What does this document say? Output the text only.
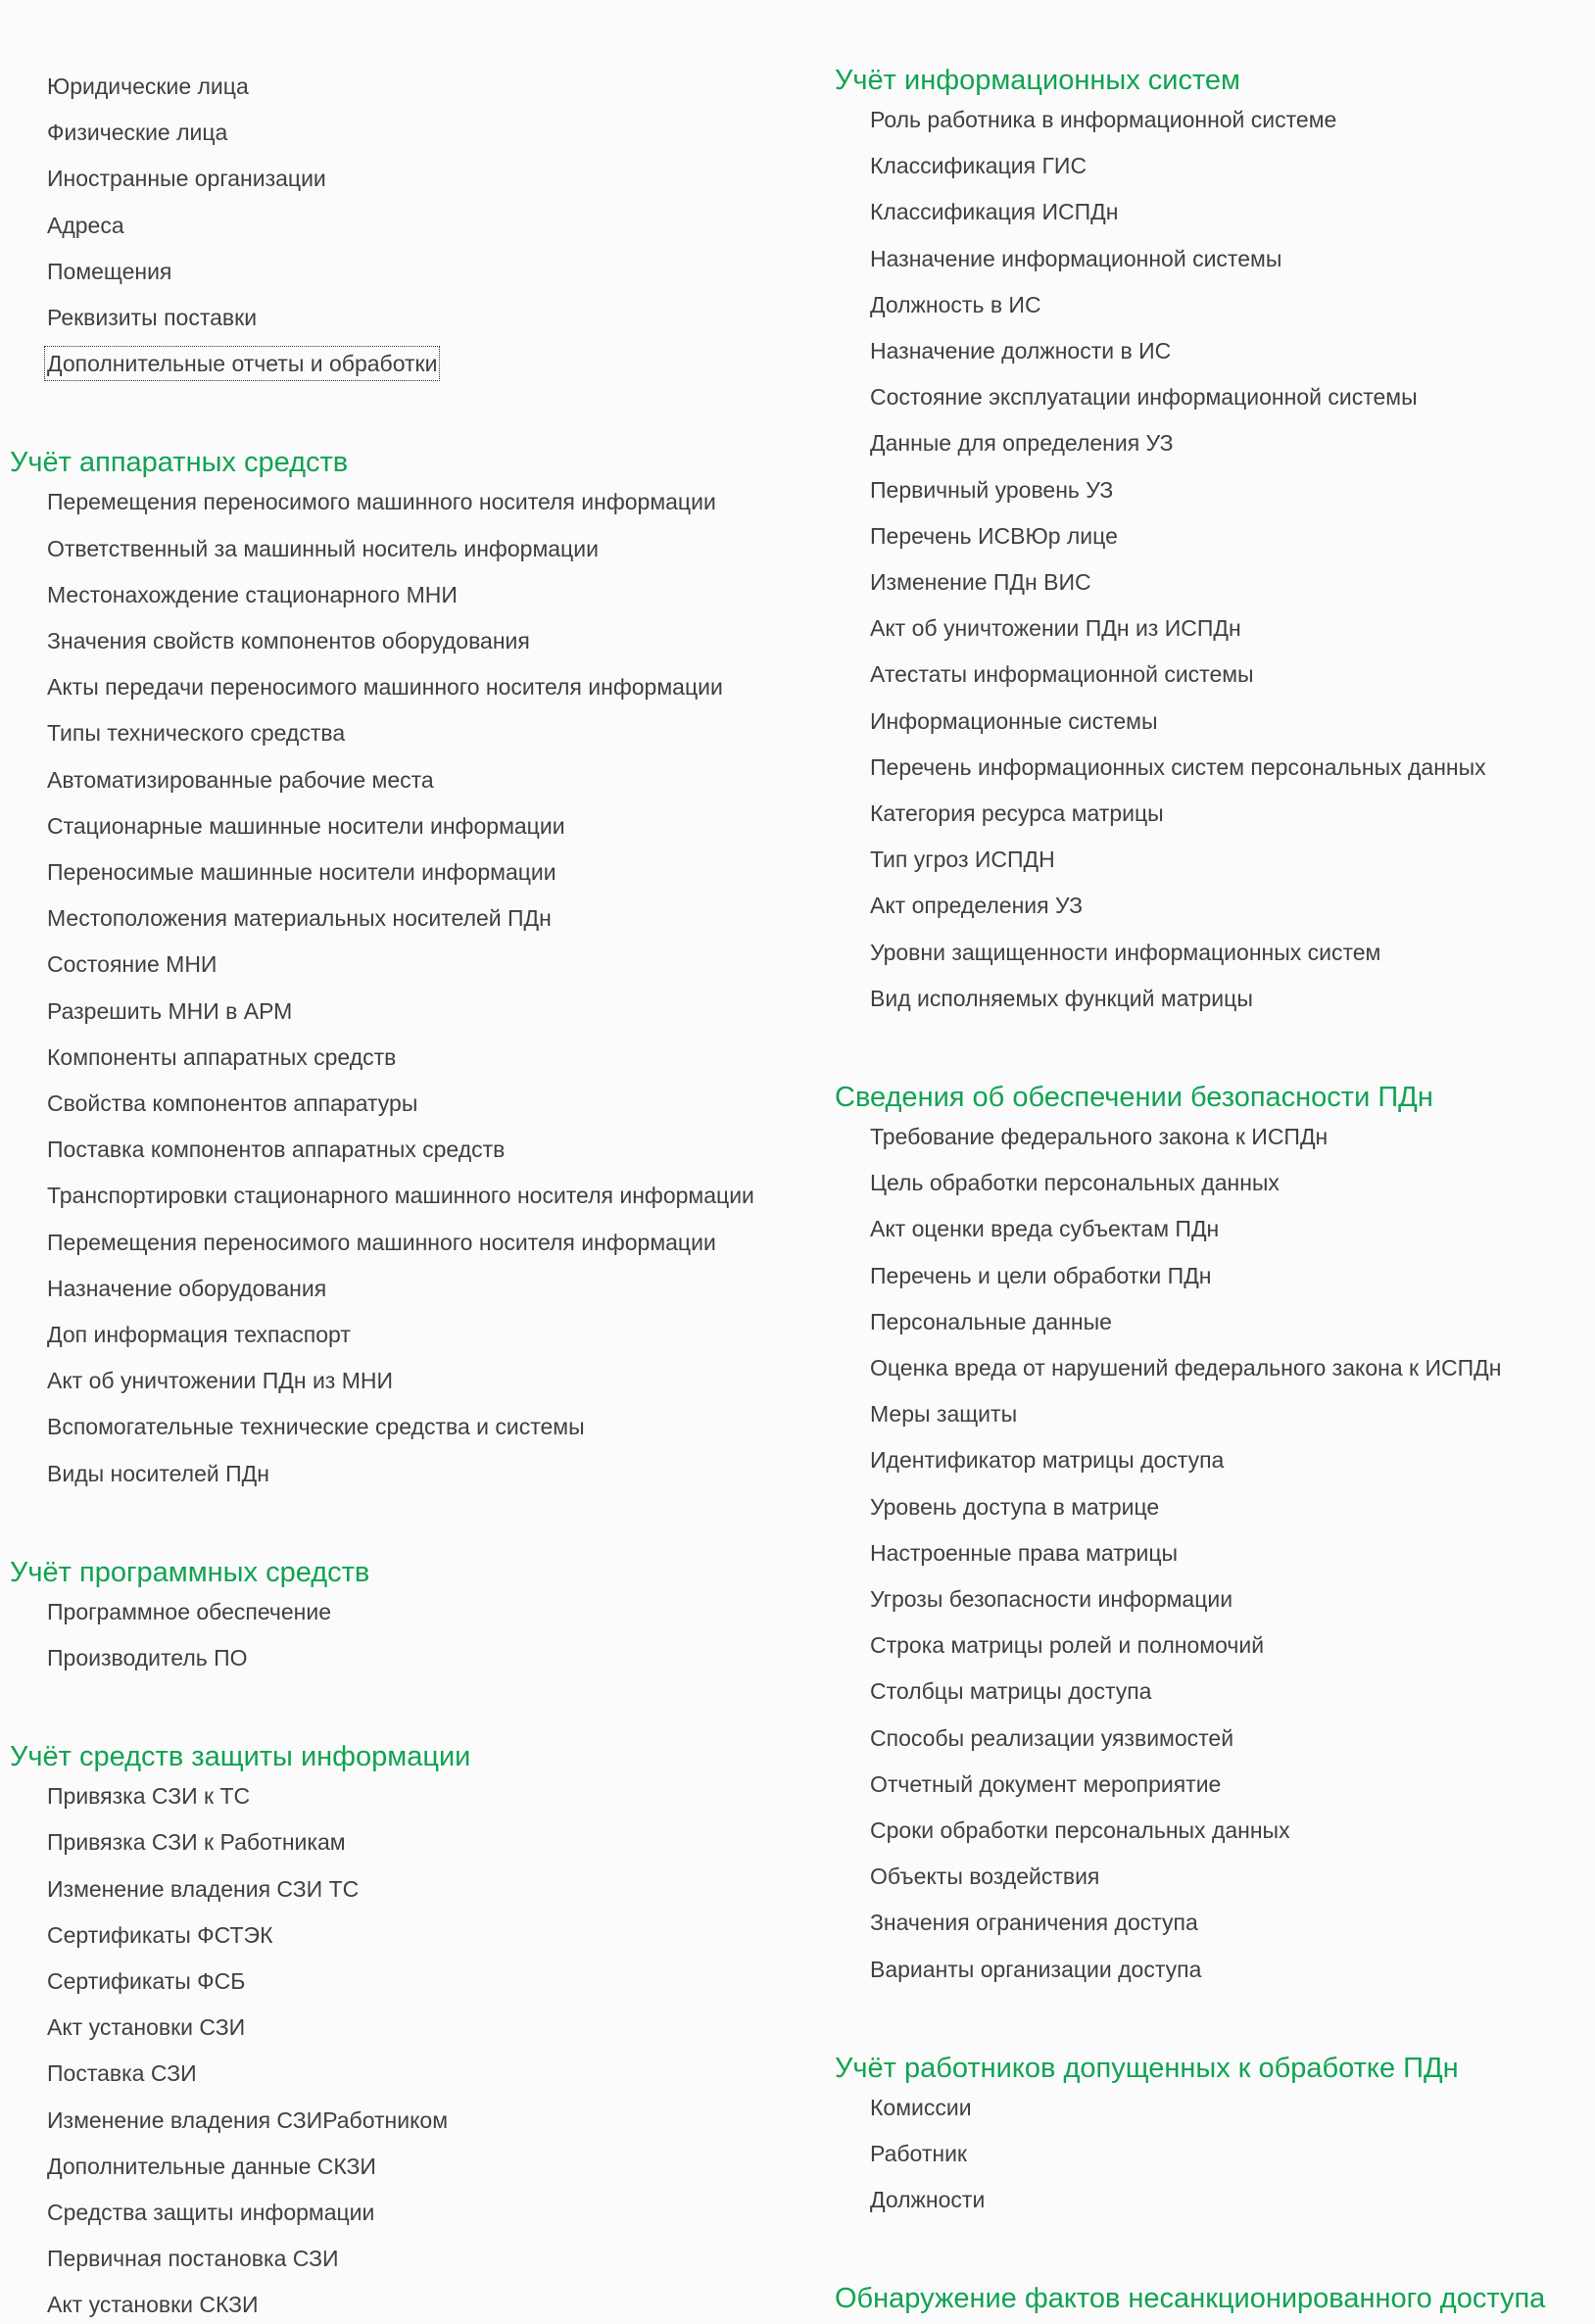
Юридические лица
Физические лица
Иностранные организации
Адреса
Помещения
Реквизиты поставки
Дополнительные отчеты и обработки
Учёт аппаратных средств
Перемещения переносимого машинного носителя информации
Ответственный за машинный носитель информации
Местонахождение стационарного МНИ
Значения свойств компонентов оборудования
Акты передачи переносимого машинного носителя информации
Типы технического средства
Автоматизированные рабочие места
Стационарные машинные носители информации
Переносимые машинные носители информации
Местоположения материальных носителей ПДн
Состояние МНИ
Разрешить МНИ в АРМ
Компоненты аппаратных средств
Свойства компонентов аппаратуры
Поставка компонентов аппаратных средств
Транспортировки стационарного машинного носителя информации
Перемещения переносимого машинного носителя информации
Назначение оборудования
Доп информация техпаспорт
Акт об уничтожении ПДн из МНИ
Вспомогательные технические средства и системы
Виды носителей ПДн
Учёт программных средств
Программное обеспечение
Производитель ПО
Учёт средств защиты информации
Привязка СЗИ к ТС
Привязка СЗИ к Работникам
Изменение владения СЗИ ТС
Сертификаты ФСТЭК
Сертификаты ФСБ
Акт установки СЗИ
Поставка СЗИ
Изменение владения СЗИРаботником
Дополнительные данные СКЗИ
Средства защиты информации
Первичная постановка СЗИ
Акт установки СКЗИ
Учёт информационных систем
Роль работника в информационной системе
Классификация ГИС
Классификация ИСПДн
Назначение информационной системы
Должность в ИС
Назначение должности в ИС
Состояние эксплуатации информационной системы
Данные для определения УЗ
Первичный уровень УЗ
Перечень ИСВЮр лице
Изменение ПДн ВИС
Акт об уничтожении ПДн из ИСПДн
Атестаты информационной системы
Информационные системы
Перечень информационных систем персональных данных
Категория ресурса матрицы
Тип угроз ИСПДН
Акт определения УЗ
Уровни защищенности информационных систем
Вид исполняемых функций матрицы
Сведения об обеспечении безопасности ПДн
Требование федерального закона к ИСПДн
Цель обработки персональных данных
Акт оценки вреда субъектам ПДн
Перечень и цели обработки ПДн
Персональные данные
Оценка вреда от нарушений федерального закона к ИСПДн
Меры защиты
Идентификатор матрицы доступа
Уровень доступа в матрице
Настроенные права матрицы
Угрозы безопасности информации
Строка матрицы ролей и полномочий
Столбцы матрицы доступа
Способы реализации уязвимостей
Отчетный документ мероприятие
Сроки обработки персональных данных
Объекты воздействия
Значения ограничения доступа
Варианты организации доступа
Учёт работников допущенных к обработке ПДн
Комиссии
Работник
Должности
Обнаружение фактов несанкционированного доступа
